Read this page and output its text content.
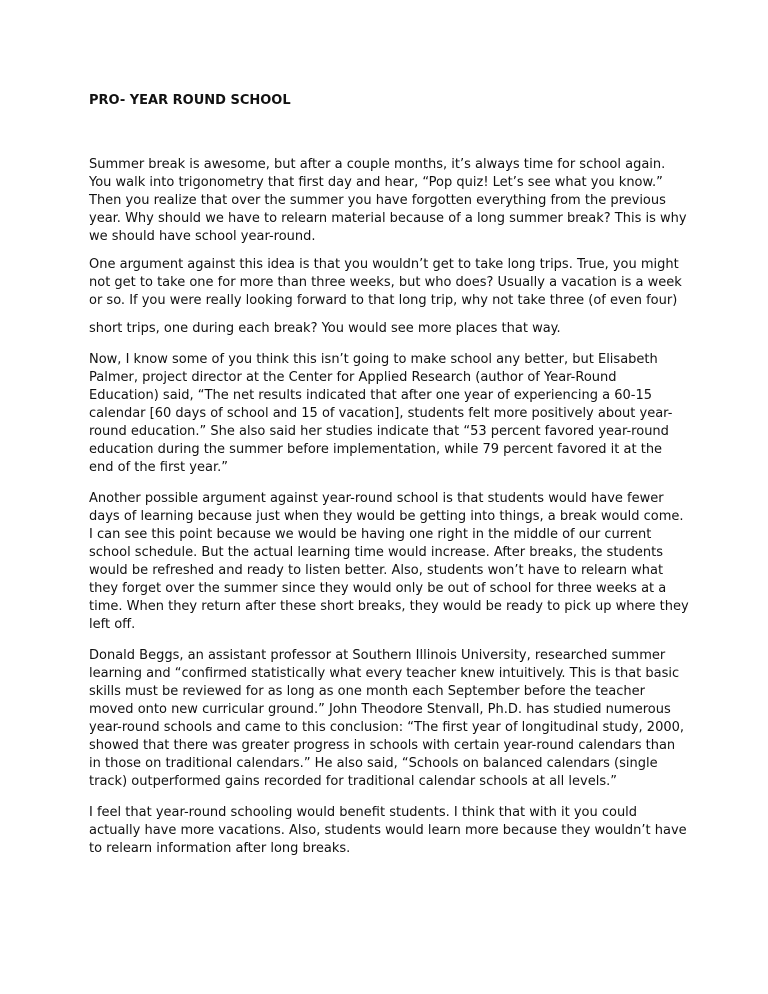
PRO- YEAR ROUND SCHOOL

Summer break is awesome, but after a couple months, it’s always time for school again. You walk into trigonometry that first day and hear, “Pop quiz! Let’s see what you know.” Then you realize that over the summer you have forgotten everything from the previous year. Why should we have to relearn material because of a long summer break? This is why we should have school year-round.

One argument against this idea is that you wouldn’t get to take long trips. True, you might not get to take one for more than three weeks, but who does? Usually a vacation is a week or so. If you were really looking forward to that long trip, why not take three (of even four)

short trips, one during each break? You would see more places that way.

Now, I know some of you think this isn’t going to make school any better, but Elisabeth Palmer, project director at the Center for Applied Research (author of Year-Round Education) said, “The net results indicated that after one year of experiencing a 60-15 calendar [60 days of school and 15 of vacation], students felt more positively about year-round education.” She also said her studies indicate that “53 percent favored year-round education during the summer before implementation, while 79 percent favored it at the end of the first year.”

Another possible argument against year-round school is that students would have fewer days of learning because just when they would be getting into things, a break would come. I can see this point because we would be having one right in the middle of our current school schedule. But the actual learning time would increase. After breaks, the students would be refreshed and ready to listen better. Also, students won’t have to relearn what they forget over the summer since they would only be out of school for three weeks at a time. When they return after these short breaks, they would be ready to pick up where they left off.

Donald Beggs, an assistant professor at Southern Illinois University, researched summer learning and “confirmed statistically what every teacher knew intuitively. This is that basic skills must be reviewed for as long as one month each September before the teacher moved onto new curricular ground.” John Theodore Stenvall, Ph.D. has studied numerous year-round schools and came to this conclusion: “The first year of longitudinal study, 2000, showed that there was greater progress in schools with certain year-round calendars than in those on traditional calendars.” He also said, “Schools on balanced calendars (single track) outperformed gains recorded for traditional calendar schools at all levels.”

I feel that year-round schooling would benefit students. I think that with it you could actually have more vacations. Also, students would learn more because they wouldn’t have to relearn information after long breaks.
